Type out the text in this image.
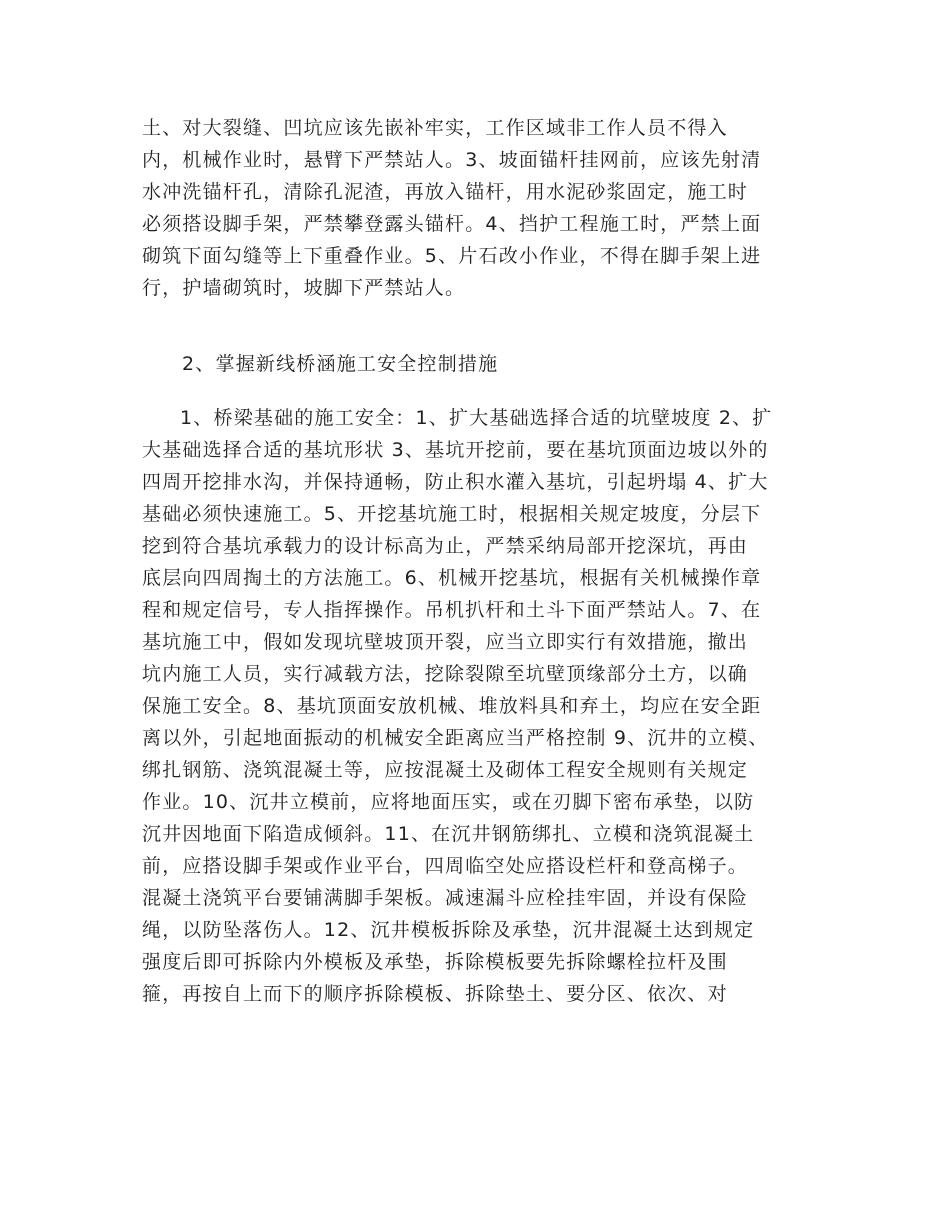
土、对大裂缝、凹坑应该先嵌补牢实，工作区域非工作人员不得入
内，机械作业时，悬臂下严禁站人。3、坡面锚杆挂网前，应该先射清
水冲洗锚杆孔，清除孔泥渣，再放入锚杆，用水泥砂浆固定，施工时
必须搭设脚手架，严禁攀登露头锚杆。4、挡护工程施工时，严禁上面
砌筑下面勾缝等上下重叠作业。5、片石改小作业，不得在脚手架上进
行，护墙砌筑时，坡脚下严禁站人。
2、掌握新线桥涵施工安全控制措施
1、桥梁基础的施工安全：1、扩大基础选择合适的坑壁坡度 2、扩
大基础选择合适的基坑形状 3、基坑开挖前，要在基坑顶面边坡以外的
四周开挖排水沟，并保持通畅，防止积水灌入基坑，引起坍塌 4、扩大
基础必须快速施工。5、开挖基坑施工时，根据相关规定坡度，分层下
挖到符合基坑承载力的设计标高为止，严禁采纳局部开挖深坑，再由
底层向四周掏土的方法施工。6、机械开挖基坑，根据有关机械操作章
程和规定信号，专人指挥操作。吊机扒杆和土斗下面严禁站人。7、在
基坑施工中，假如发现坑壁坡顶开裂，应当立即实行有效措施，撤出
坑内施工人员，实行减载方法，挖除裂隙至坑壁顶缘部分土方，以确
保施工安全。8、基坑顶面安放机械、堆放料具和弃土，均应在安全距
离以外，引起地面振动的机械安全距离应当严格控制 9、沉井的立模、
绑扎钢筋、浇筑混凝土等，应按混凝土及砌体工程安全规则有关规定
作业。10、沉井立模前，应将地面压实，或在刃脚下密布承垫，以防
沉井因地面下陷造成倾斜。11、在沉井钢筋绑扎、立模和浇筑混凝土
前，应搭设脚手架或作业平台，四周临空处应搭设栏杆和登高梯子。
混凝土浇筑平台要铺满脚手架板。减速漏斗应栓挂牢固，并设有保险
绳，以防坠落伤人。12、沉井模板拆除及承垫，沉井混凝土达到规定
强度后即可拆除内外模板及承垫，拆除模板要先拆除螺栓拉杆及围
箍，再按自上而下的顺序拆除模板、拆除垫土、要分区、依次、对
